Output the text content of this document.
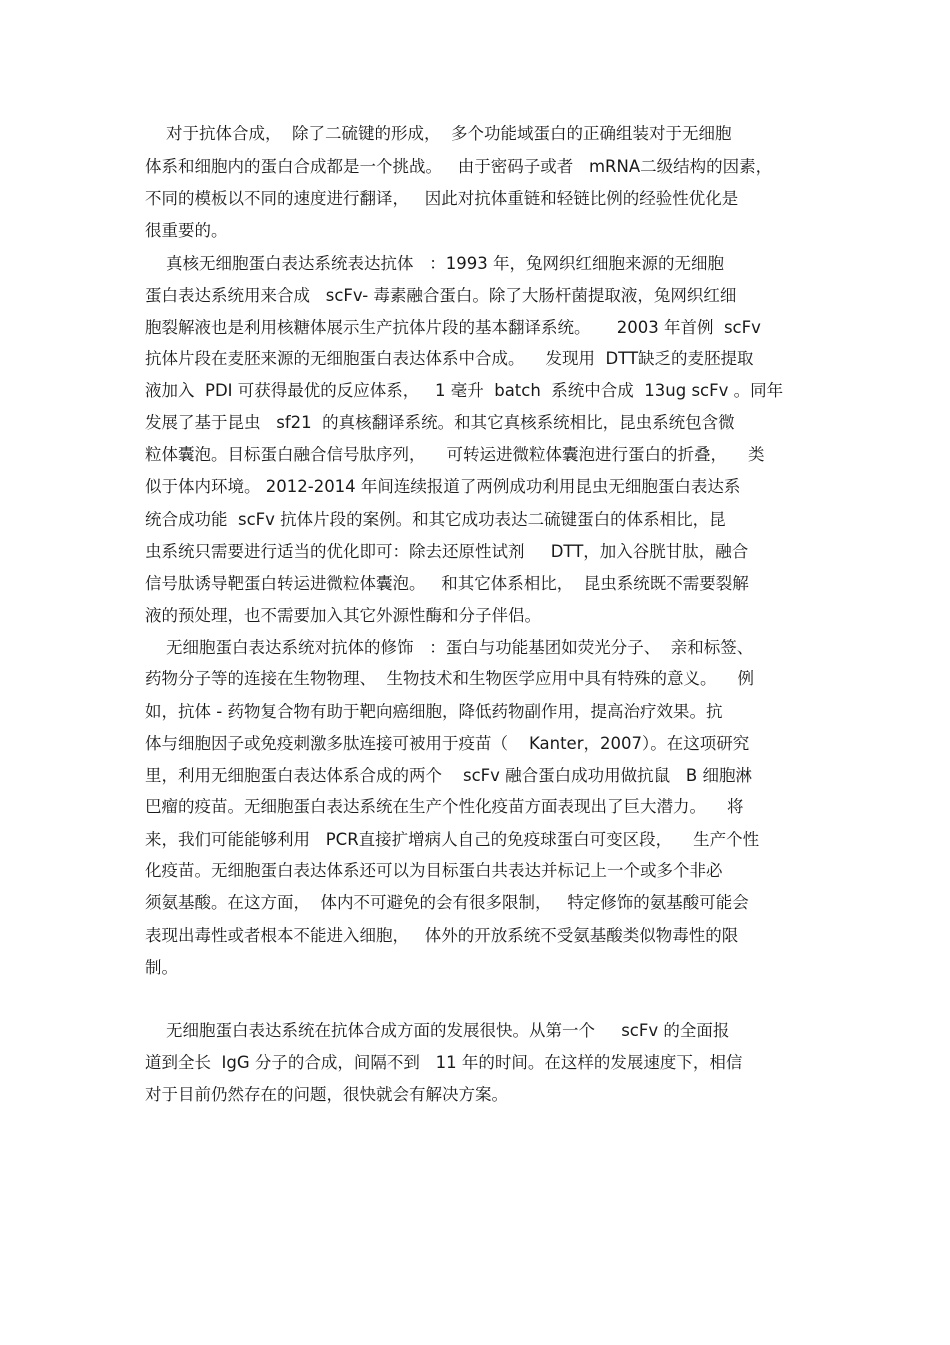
对于抗体合成，  除了二硫键的形成，  多个功能域蛋白的正确组装对于无细胞
体系和细胞内的蛋白合成都是一个挑战。   由于密码子或者   mRNA二级结构的因素，
不同的模板以不同的速度进行翻译，   因此对抗体重链和轻链比例的经验性优化是
很重要的。
真核无细胞蛋白表达系统表达抗体   ：1993 年，兔网织红细胞来源的无细胞
蛋白表达系统用来合成   scFv- 毒素融合蛋白。除了大肠杆菌提取液，兔网织红细
胞裂解液也是利用核糖体展示生产抗体片段的基本翻译系统。     2003 年首例  scFv
抗体片段在麦胚来源的无细胞蛋白表达体系中合成。    发现用  DTT缺乏的麦胚提取
液加入  PDI 可获得最优的反应体系，   1 毫升  batch  系统中合成  13ug scFv 。同年
发展了基于昆虫   sf21  的真核翻译系统。和其它真核系统相比，昆虫系统包含微
粒体囊泡。目标蛋白融合信号肽序列，    可转运进微粒体囊泡进行蛋白的折叠，    类
似于体内环境。 2012-2014 年间连续报道了两例成功利用昆虫无细胞蛋白表达系
统合成功能  scFv 抗体片段的案例。和其它成功表达二硫键蛋白的体系相比，昆
虫系统只需要进行适当的优化即可：除去还原性试剂     DTT，加入谷胱甘肽，融合
信号肽诱导靶蛋白转运进微粒体囊泡。   和其它体系相比，  昆虫系统既不需要裂解
液的预处理，也不需要加入其它外源性酶和分子伴侣。
无细胞蛋白表达系统对抗体的修饰   ：蛋白与功能基团如荧光分子、  亲和标签、
药物分子等的连接在生物物理、  生物技术和生物医学应用中具有特殊的意义。    例
如，抗体 - 药物复合物有助于靶向癌细胞，降低药物副作用，提高治疗效果。抗
体与细胞因子或免疫刺激多肽连接可被用于疫苗（    Kanter，2007）。在这项研究
里，利用无细胞蛋白表达体系合成的两个    scFv 融合蛋白成功用做抗鼠   B 细胞淋
巴瘤的疫苗。无细胞蛋白表达系统在生产个性化疫苗方面表现出了巨大潜力。    将
来，我们可能能够利用   PCR直接扩增病人自己的免疫球蛋白可变区段，    生产个性
化疫苗。无细胞蛋白表达体系还可以为目标蛋白共表达并标记上一个或多个非必
须氨基酸。在这方面，  体内不可避免的会有很多限制，   特定修饰的氨基酸可能会
表现出毒性或者根本不能进入细胞，   体外的开放系统不受氨基酸类似物毒性的限
制。
无细胞蛋白表达系统在抗体合成方面的发展很快。从第一个     scFv 的全面报
道到全长  IgG 分子的合成，间隔不到   11 年的时间。在这样的发展速度下，相信
对于目前仍然存在的问题，很快就会有解决方案。
